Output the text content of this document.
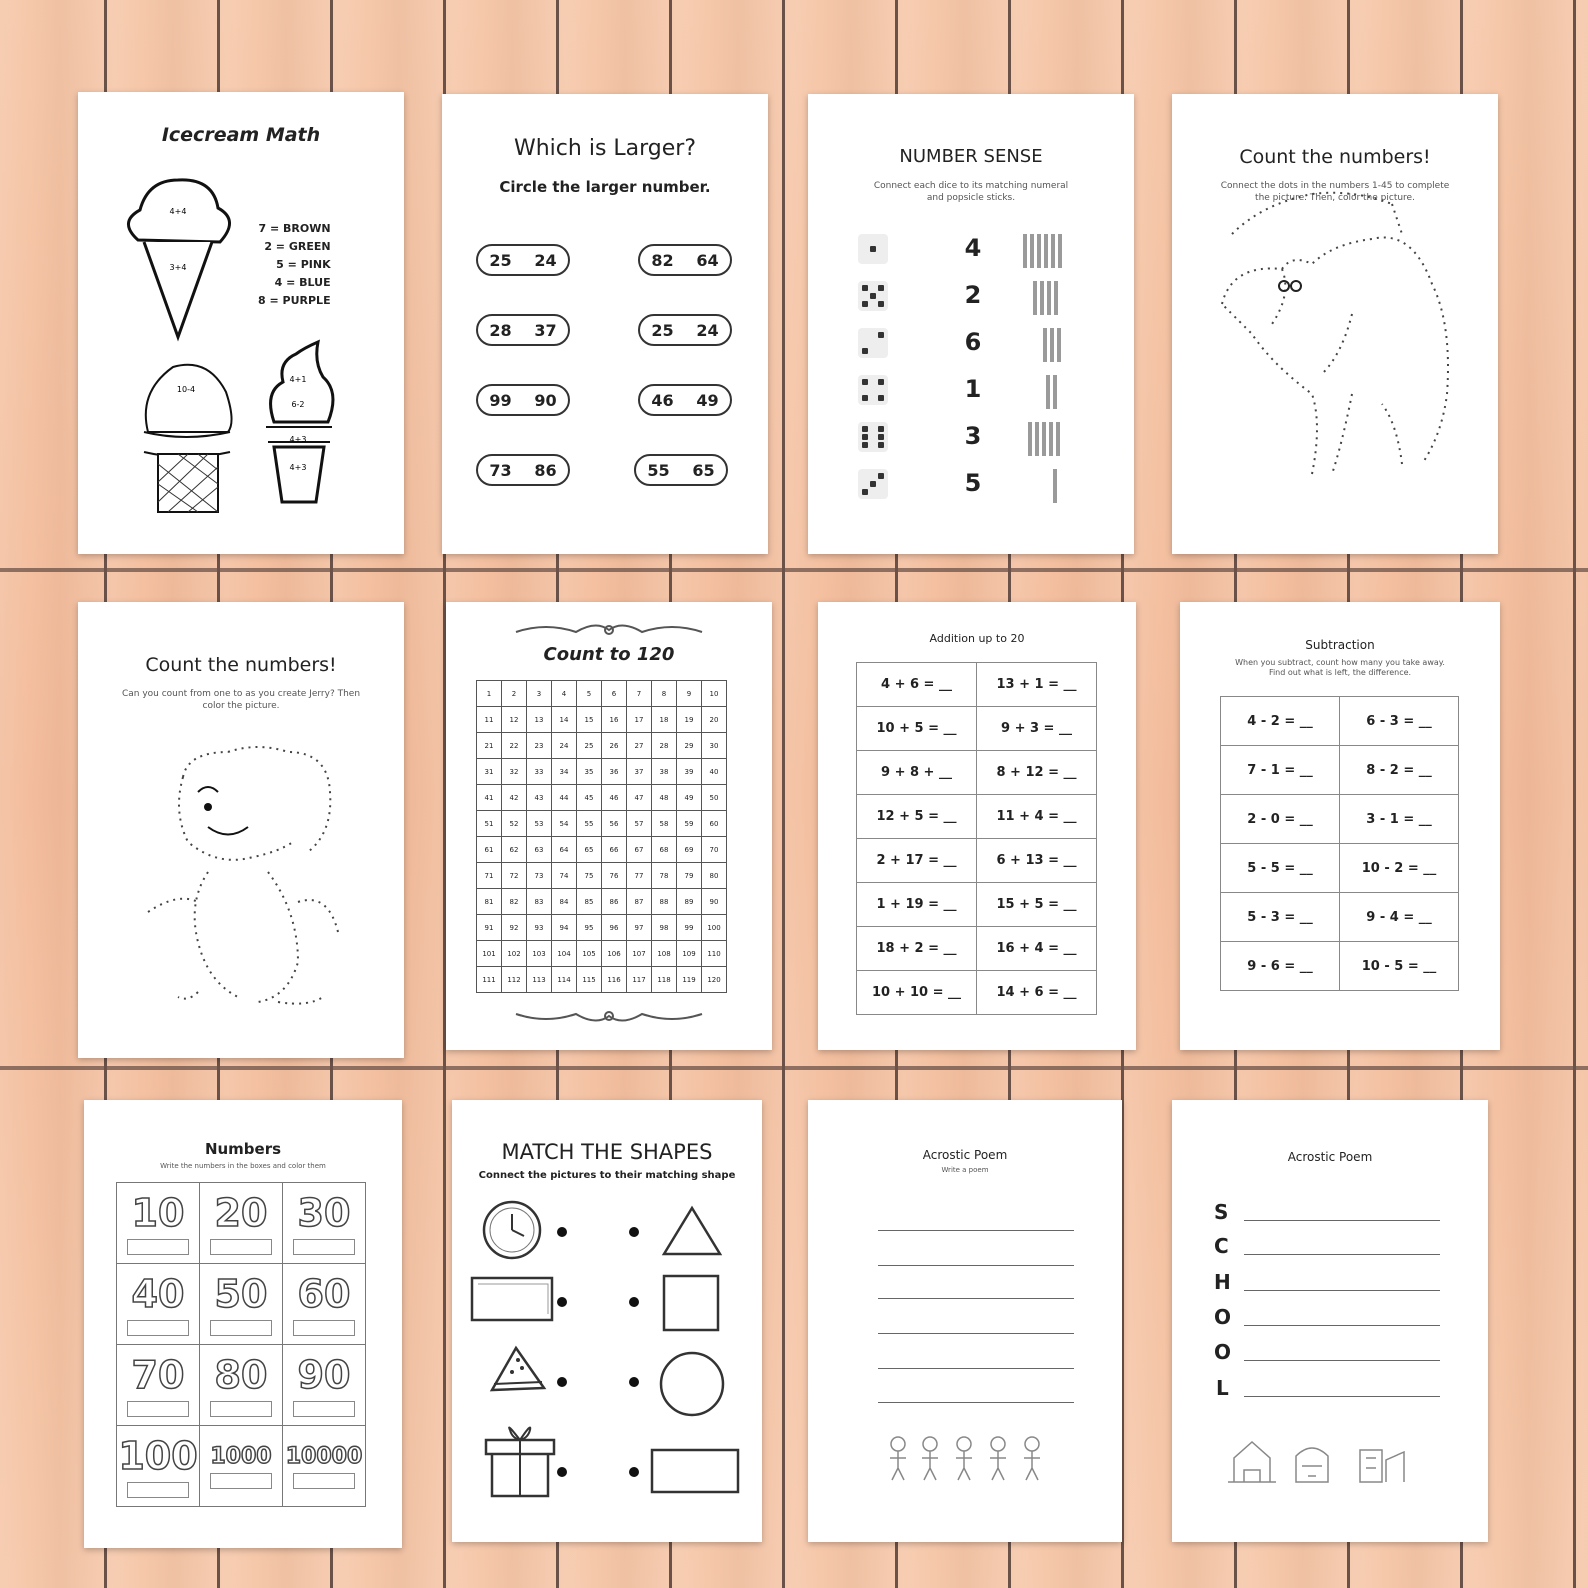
Icecream Math
4+4
3+4
10-4
4+1
6-2
4+3
4+3
7 = BROWN
2 = GREEN
5 = PINK
4 = BLUE
8 = PURPLE
Which is Larger?
Circle the larger number.
25 24	82 64
28 37	25 24
99 90	46 49
73 86	55 65
NUMBER SENSE
Connect each dice to its matching numeral and popsicle sticks.
4
2
6
1
3
5
Count the numbers!
Connect the dots in the numbers 1-45 to complete the picture. Then, color the picture.
Count the numbers!
Can you count from one to as you create Jerry? Then color the picture.
Count to 120
1	2	3	4	5	6	7	8	9	10
11	12	13	14	15	16	17	18	19	20
21	22	23	24	25	26	27	28	29	30
31	32	33	34	35	36	37	38	39	40
41	42	43	44	45	46	47	48	49	50
51	52	53	54	55	56	57	58	59	60
61	62	63	64	65	66	67	68	69	70
71	72	73	74	75	76	77	78	79	80
81	82	83	84	85	86	87	88	89	90
91	92	93	94	95	96	97	98	99	100
101	102	103	104	105	106	107	108	109	110
111	112	113	114	115	116	117	118	119	120
Addition up to 20
4 + 6 = __	13 + 1 = __
10 + 5 = __	9 + 3 = __
9 + 8 + __	8 + 12 = __
12 + 5 = __	11 + 4 = __
2 + 17 = __	6 + 13 = __
1 + 19 = __	15 + 5 = __
18 + 2 = __	16 + 4 = __
10 + 10 = __	14 + 6 = __
Subtraction
When you subtract, count how many you take away. Find out what is left, the difference.
4 - 2 = __	6 - 3 = __
7 - 1 = __	8 - 2 = __
2 - 0 = __	3 - 1 = __
5 - 5 = __	10 - 2 = __
5 - 3 = __	9 - 4 = __
9 - 6 = __	10 - 5 = __
Numbers
Write the numbers in the boxes and color them
10	20	30

40	50	60

70	80	90

100	1000	10000
MATCH THE SHAPES
Connect the pictures to their matching shape
Acrostic Poem
Write a poem
Acrostic Poem
S
C
H
O
O
L
